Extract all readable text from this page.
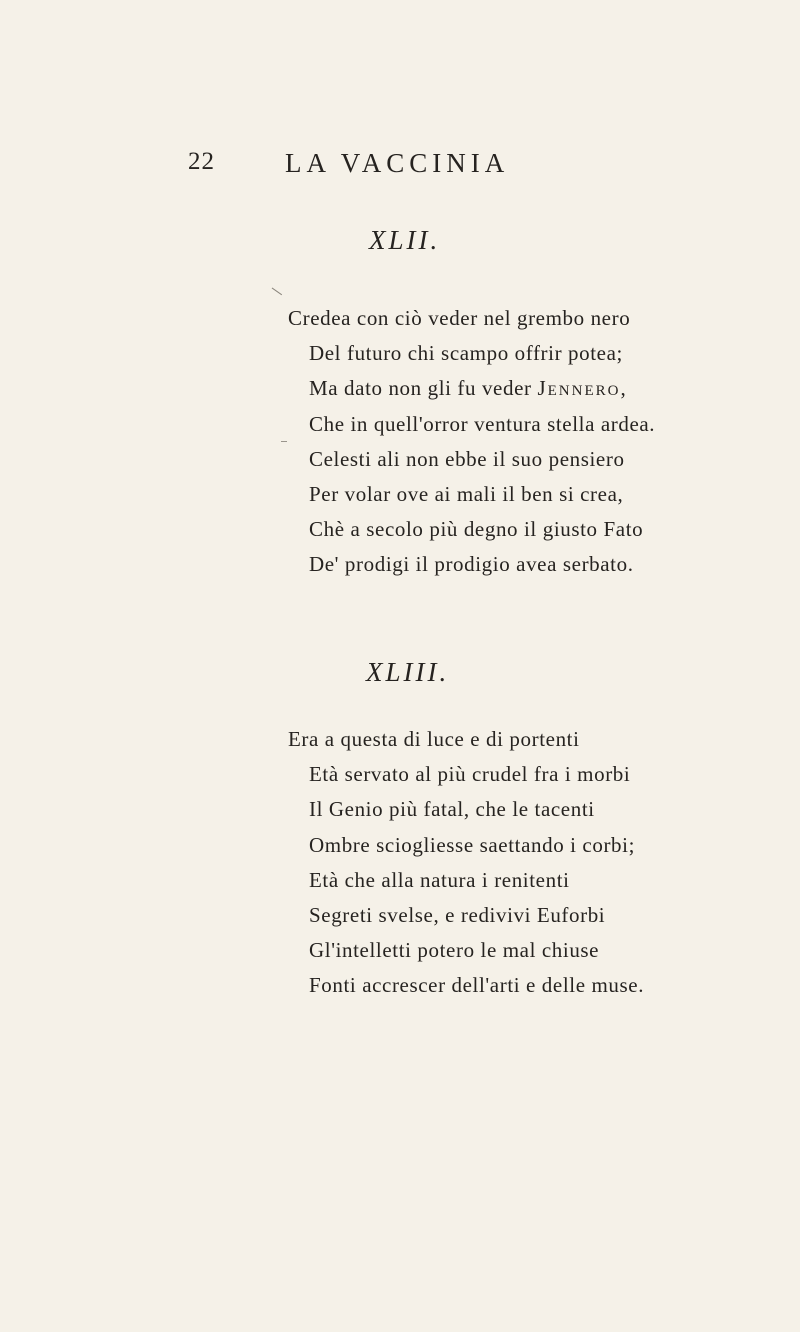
22	LA VACCINIA
XLII.
Credea con ciò veder nel grembo nero
Del futuro chi scampo offrir potea;
Ma dato non gli fu veder Jennero,
Che in quell'orror ventura stella ardea.
Celesti ali non ebbe il suo pensiero
Per volar ove ai mali il ben si crea,
Chè a secolo più degno il giusto Fato
De' prodigi il prodigio avea serbato.
XLIII.
Era a questa di luce e di portenti
Età servato al più crudel fra i morbi
Il Genio più fatal, che le tacenti
Ombre sciogliesse saettando i corbi;
Età che alla natura i renitenti
Segreti svelse, e redivivi Euforbi
Gl'intelletti potero le mal chiuse
Fonti accrescer dell'arti e delle muse.
